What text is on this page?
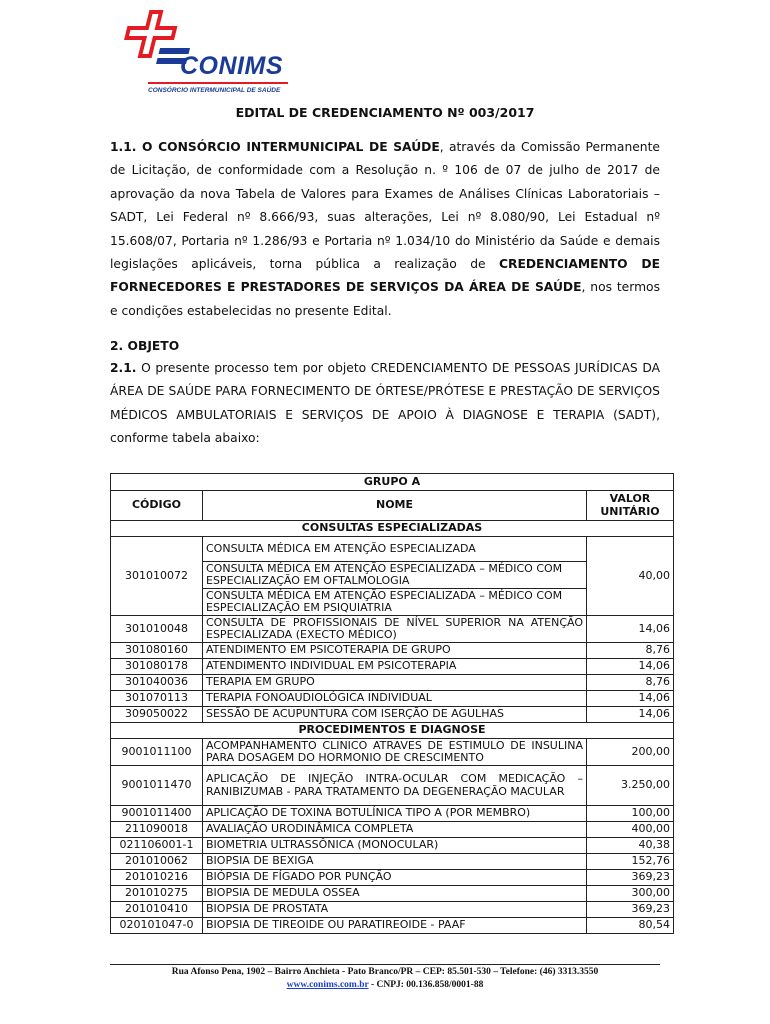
CONIMS
CONSÓRCIO INTERMUNICIPAL DE SAÚDE
EDITAL DE CREDENCIAMENTO Nº 003/2017
1.1. O CONSÓRCIO INTERMUNICIPAL DE SAÚDE, através da Comissão Permanente de Licitação, de conformidade com a Resolução n. º 106 de 07 de julho de 2017 de aprovação da nova Tabela de Valores para Exames de Análises Clínicas Laboratoriais – SADT, Lei Federal nº 8.666/93, suas alterações, Lei nº 8.080/90, Lei Estadual nº 15.608/07, Portaria nº 1.286/93 e Portaria nº 1.034/10 do Ministério da Saúde e demais legislações aplicáveis, torna pública a realização de CREDENCIAMENTO DE FORNECEDORES E PRESTADORES DE SERVIÇOS DA ÁREA DE SAÚDE, nos termos e condições estabelecidas no presente Edital.
2. OBJETO
2.1. O presente processo tem por objeto CREDENCIAMENTO DE PESSOAS JURÍDICAS DA ÁREA DE SAÚDE PARA FORNECIMENTO DE ÓRTESE/PRÓTESE E PRESTAÇÃO DE SERVIÇOS MÉDICOS AMBULATORIAIS E SERVIÇOS DE APOIO À DIAGNOSE E TERAPIA (SADT), conforme tabela abaixo:
GRUPO A		
CÓDIGO	NOME	VALOR UNITÁRIO
CONSULTAS ESPECIALIZADAS		
301010072	CONSULTA MÉDICA EM ATENÇÃO ESPECIALIZADA	40,00
	CONSULTA MÉDICA EM ATENÇÃO ESPECIALIZADA – MÉDICO COM ESPECIALIZAÇÃO EM OFTALMOLOGIA	
	CONSULTA MÉDICA EM ATENÇÃO ESPECIALIZADA – MÉDICO COM ESPECIALIZAÇÃO EM PSIQUIATRIA	
301010048	CONSULTA DE PROFISSIONAIS DE NÍVEL SUPERIOR NA ATENÇÃO ESPECIALIZADA (EXECTO MÉDICO)	14,06
301080160	ATENDIMENTO EM PSICOTERAPIA DE GRUPO	8,76
301080178	ATENDIMENTO INDIVIDUAL EM PSICOTERAPIA	14,06
301040036	TERAPIA EM GRUPO	8,76
301070113	TERAPIA FONOAUDIOLÓGICA INDIVIDUAL	14,06
309050022	SESSÃO DE ACUPUNTURA COM ISERÇÃO DE AGULHAS	14,06
PROCEDIMENTOS E DIAGNOSE		
9001011100	ACOMPANHAMENTO CLINICO ATRAVES DE ESTIMULO DE INSULINA PARA DOSAGEM DO HORMONIO DE CRESCIMENTO	200,00
9001011470	APLICAÇÃO DE INJEÇÃO INTRA-OCULAR COM MEDICAÇÃO – RANIBIZUMAB - PARA TRATAMENTO DA DEGENERAÇÃO MACULAR	3.250,00
9001011400	APLICAÇÃO DE TOXINA BOTULÍNICA TIPO A (POR MEMBRO)	100,00
211090018	AVALIAÇÃO URODINÂMICA COMPLETA	400,00
021106001-1	BIOMETRIA ULTRASSÔNICA (MONOCULAR)	40,38
201010062	BIOPSIA DE BEXIGA	152,76
201010216	BIÓPSIA DE FÍGADO POR PUNÇÃO	369,23
201010275	BIOPSIA DE MEDULA OSSEA	300,00
201010410	BIOPSIA DE PROSTATA	369,23
020101047-0	BIOPSIA DE TIREOIDE OU PARATIREOIDE - PAAF	80,54
Rua Afonso Pena, 1902 – Bairro Anchieta - Pato Branco/PR – CEP: 85.501-530 – Telefone: (46) 3313.3550
www.conims.com.br - CNPJ: 00.136.858/0001-88
